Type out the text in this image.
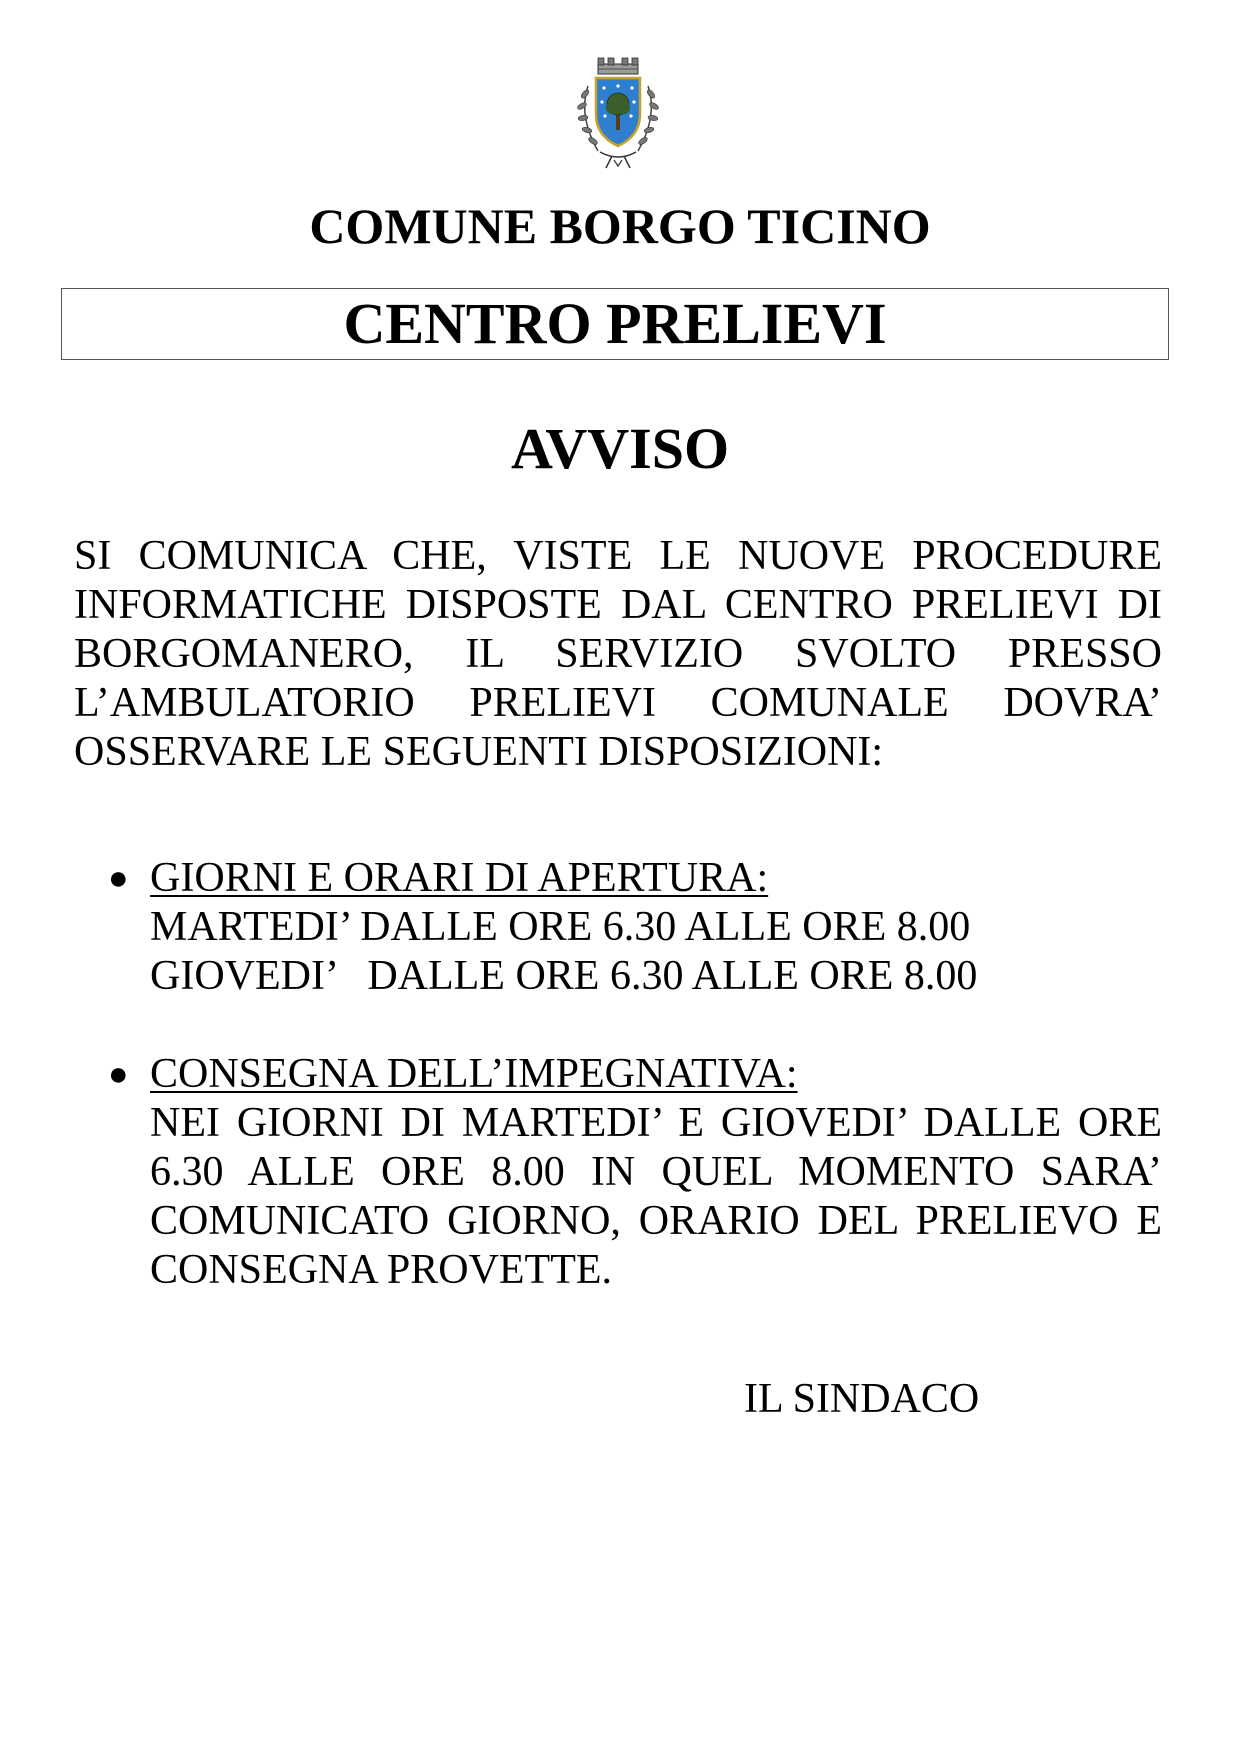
COMUNE BORGO TICINO
CENTRO PRELIEVI
AVVISO
SI COMUNICA CHE, VISTE LE NUOVE PROCEDURE
INFORMATICHE DISPOSTE DAL CENTRO PRELIEVI DI
BORGOMANERO, IL SERVIZIO SVOLTO PRESSO
L’AMBULATORIO PRELIEVI COMUNALE DOVRA’
OSSERVARE LE SEGUENTI DISPOSIZIONI:
● GIORNI E ORARI DI APERTURA:
MARTEDI’ DALLE ORE 6.30 ALLE ORE 8.00
GIOVEDI’   DALLE ORE 6.30 ALLE ORE 8.00
● CONSEGNA DELL’IMPEGNATIVA:
NEI GIORNI DI MARTEDI’ E GIOVEDI’ DALLE ORE
6.30 ALLE ORE 8.00 IN QUEL MOMENTO SARA’
COMUNICATO GIORNO, ORARIO DEL PRELIEVO E
CONSEGNA PROVETTE.
IL SINDACO
